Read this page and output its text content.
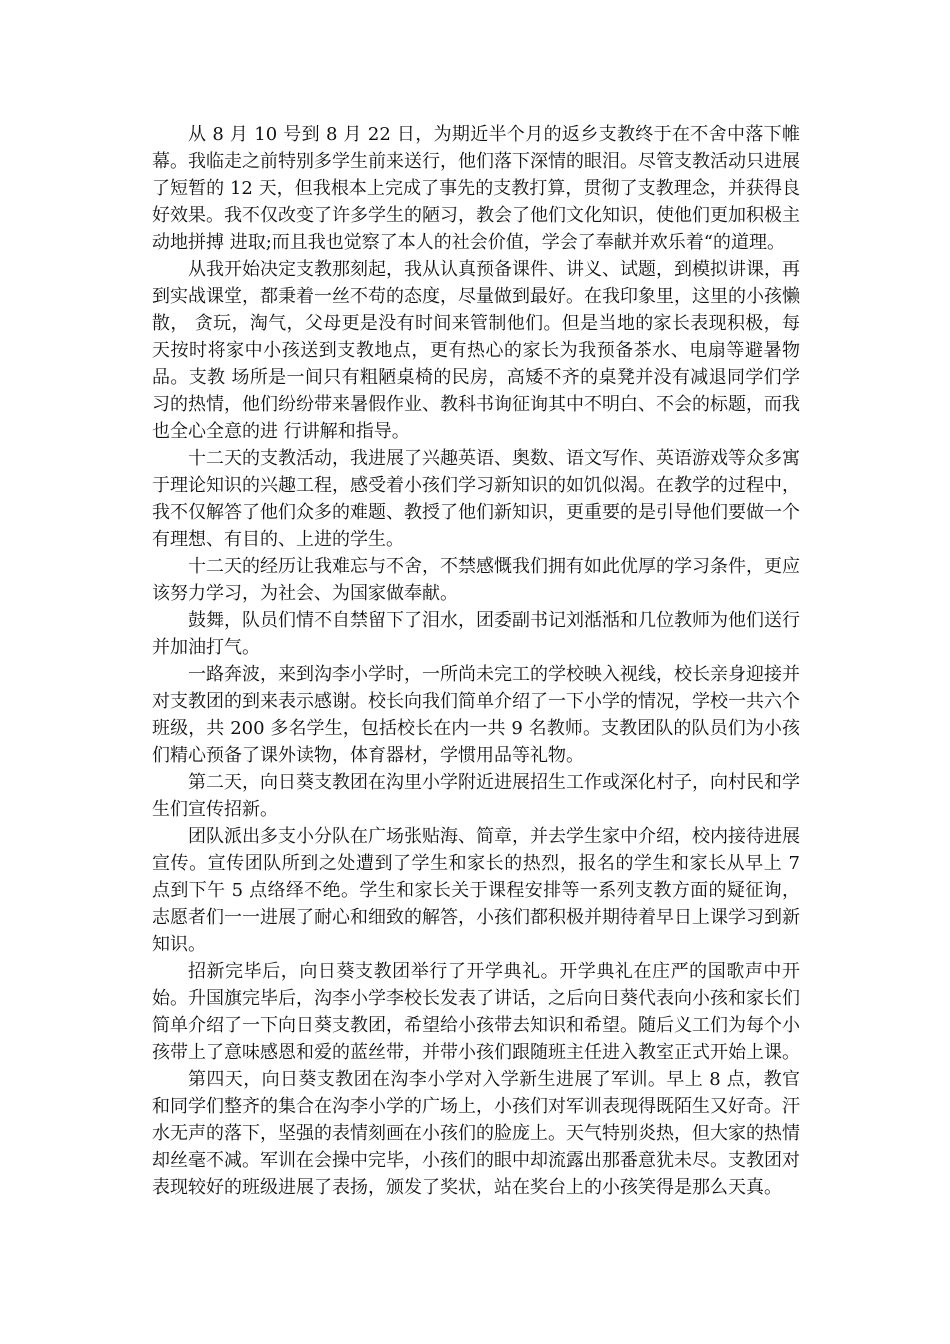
从 8 月 10 号到 8 月 22 日，为期近半个月的返乡支教终于在不舍中落下帷幕。我临走之前特别多学生前来送行，他们落下深情的眼泪。尽管支教活动只进展了短暂的 12 天，但我根本上完成了事先的支教打算，贯彻了支教理念，并获得良好效果。我不仅改变了许多学生的陋习，教会了他们文化知识，使他们更加积极主动地拼搏 进取;而且我也觉察了本人的社会价值，学会了奉献并欢乐着“的道理。

从我开始决定支教那刻起，我从认真预备课件、讲义、试题，到模拟讲课，再到实战课堂，都秉着一丝不苟的态度，尽量做到最好。在我印象里，这里的小孩懒散， 贪玩，淘气，父母更是没有时间来管制他们。但是当地的家长表现积极，每天按时将家中小孩送到支教地点，更有热心的家长为我预备茶水、电扇等避暑物品。支教 场所是一间只有粗陋桌椅的民房，高矮不齐的桌凳并没有减退同学们学习的热情，他们纷纷带来暑假作业、教科书询征询其中不明白、不会的标题，而我也全心全意的进 行讲解和指导。

十二天的支教活动，我进展了兴趣英语、奥数、语文写作、英语游戏等众多寓于理论知识的兴趣工程，感受着小孩们学习新知识的如饥似渴。在教学的过程中，我不仅解答了他们众多的难题、教授了他们新知识，更重要的是引导他们要做一个有理想、有目的、上进的学生。

十二天的经历让我难忘与不舍，不禁感慨我们拥有如此优厚的学习条件，更应该努力学习，为社会、为国家做奉献。

鼓舞，队员们情不自禁留下了泪水，团委副书记刘湉湉和几位教师为他们送行并加油打气。

一路奔波，来到沟李小学时，一所尚未完工的学校映入视线，校长亲身迎接并对支教团的到来表示感谢。校长向我们简单介绍了一下小学的情况，学校一共六个班级，共 200 多名学生，包括校长在内一共 9 名教师。支教团队的队员们为小孩们精心预备了课外读物，体育器材，学惯用品等礼物。

第二天，向日葵支教团在沟里小学附近进展招生工作或深化村子，向村民和学生们宣传招新。

团队派出多支小分队在广场张贴海、简章，并去学生家中介绍，校内接待进展宣传。宣传团队所到之处遭到了学生和家长的热烈，报名的学生和家长从早上 7 点到下午 5 点络绎不绝。学生和家长关于课程安排等一系列支教方面的疑征询，志愿者们一一进展了耐心和细致的解答，小孩们都积极并期待着早日上课学习到新知识。

招新完毕后，向日葵支教团举行了开学典礼。开学典礼在庄严的国歌声中开始。升国旗完毕后，沟李小学李校长发表了讲话，之后向日葵代表向小孩和家长们简单介绍了一下向日葵支教团，希望给小孩带去知识和希望。随后义工们为每个小孩带上了意味感恩和爱的蓝丝带，并带小孩们跟随班主任进入教室正式开始上课。

第四天，向日葵支教团在沟李小学对入学新生进展了军训。早上 8 点，教官和同学们整齐的集合在沟李小学的广场上，小孩们对军训表现得既陌生又好奇。汗水无声的落下，坚强的表情刻画在小孩们的脸庞上。天气特别炎热，但大家的热情却丝毫不减。军训在会操中完毕，小孩们的眼中却流露出那番意犹未尽。支教团对表现较好的班级进展了表扬，颁发了奖状，站在奖台上的小孩笑得是那么天真。
